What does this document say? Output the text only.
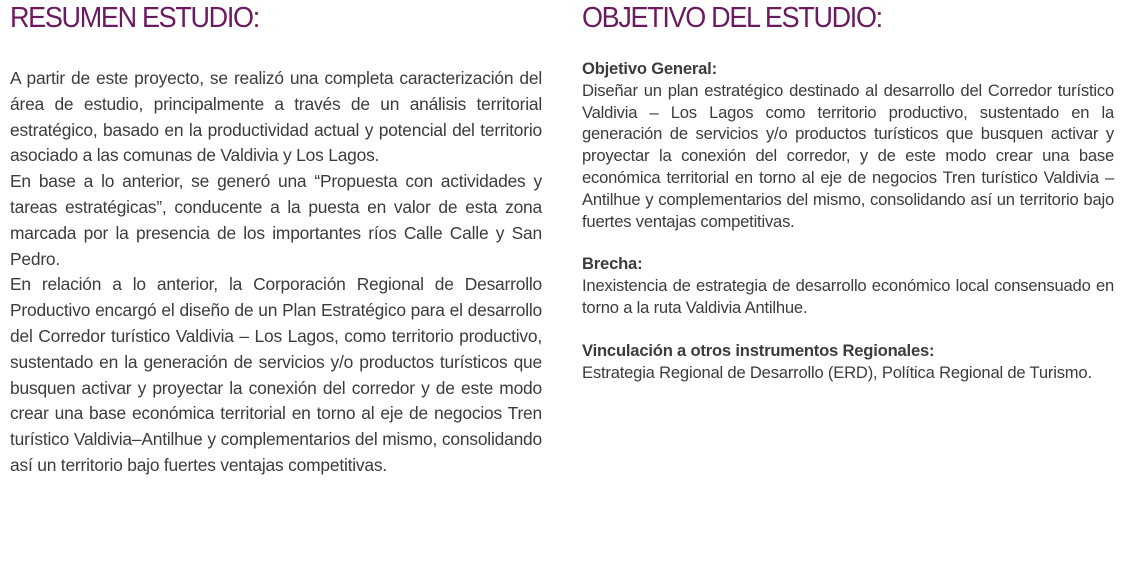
RESUMEN ESTUDIO:

A partir de este proyecto, se realizó una completa caracterización del área de estudio, principalmente a través de un análisis territorial estratégico, basado en la productividad actual y potencial del territorio asociado a las comunas de Valdivia y Los Lagos.

En base a lo anterior, se generó una “Propuesta con actividades y tareas estratégicas”, conducente a la puesta en valor de esta zona marcada por la presencia de los importantes ríos Calle Calle y San Pedro.

En relación a lo anterior, la Corporación Regional de Desarrollo Productivo encargó el diseño de un Plan Estratégico para el desarrollo del Corredor turístico Valdivia – Los Lagos, como territorio productivo, sustentado en la generación de servicios y/o productos turísticos que busquen activar y proyectar la conexión del corredor y de este modo crear una base económica territorial en torno al eje de negocios Tren turístico Valdivia–Antilhue y complementarios del mismo, consolidando así un territorio bajo fuertes ventajas competitivas.

OBJETIVO DEL ESTUDIO:
Objetivo General:

Diseñar un plan estratégico destinado al desarrollo del Corredor turístico Valdivia – Los Lagos como territorio productivo, sustentado en la generación de servicios y/o productos turísticos que busquen activar y proyectar la conexión del corredor, y de este modo crear una base económica territorial en torno al eje de negocios Tren turístico Valdivia – Antilhue y complementarios del mismo, consolidando así un territorio bajo fuertes ventajas competitivas.

Brecha:

Inexistencia de estrategia de desarrollo económico local consensuado en torno a la ruta Valdivia Antilhue.

Vinculación a otros instrumentos Regionales:

Estrategia Regional de Desarrollo (ERD), Política Regional de Turismo.
